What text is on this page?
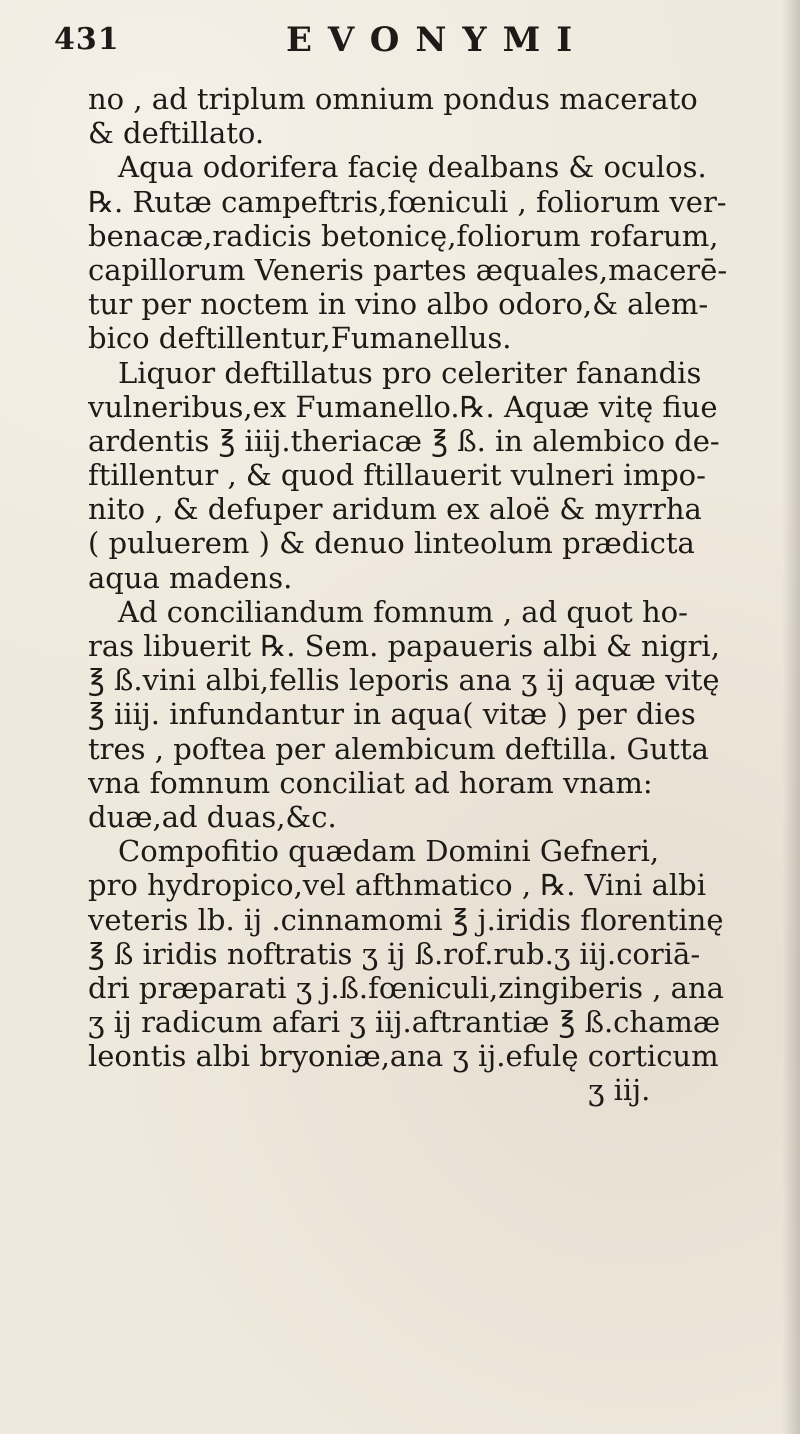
431	EVONYMI
no , ad triplum omnium pondus macerato
& deftillato.
Aqua odorifera facię dealbans & oculos.
℞. Rutæ campeftris,fœniculi , foliorum ver-
benacæ,radicis betonicę,foliorum rofarum,
capillorum Veneris partes æquales,macerē-
tur per noctem in vino albo odoro,& alem-
bico deftillentur,Fumanellus.
Liquor deftillatus pro celeriter fanandis
vulneribus,ex Fumanello.℞. Aquæ vitę fiue
ardentis ℥ iiij.theriacæ ℥ ß. in alembico de-
ftillentur , & quod ftillauerit vulneri impo-
nito , & defuper aridum ex aloë & myrrha
( puluerem ) & denuo linteolum prædicta
aqua madens.
Ad conciliandum fomnum , ad quot ho-
ras libuerit ℞. Sem. papaueris albi & nigri,
℥ ß.vini albi,fellis leporis ana ʒ ij aquæ vitę
℥ iiij. infundantur in aqua( vitæ ) per dies
tres , poftea per alembicum deftilla. Gutta
vna fomnum conciliat ad horam vnam:
duæ,ad duas,&c.
Compofitio quædam Domini Gefneri,
pro hydropico,vel afthmatico , ℞. Vini albi
veteris lb. ij .cinnamomi ℥ j.iridis florentinę
℥ ß iridis noftratis ʒ ij ß.rof.rub.ʒ iij.coriā-
dri præparati ʒ j.ß.fœniculi,zingiberis , ana
ʒ ij radicum afari ʒ iij.aftrantiæ ℥ ß.chamæ
leontis albi bryoniæ,ana ʒ ij.efulę corticum
ʒ iij.
